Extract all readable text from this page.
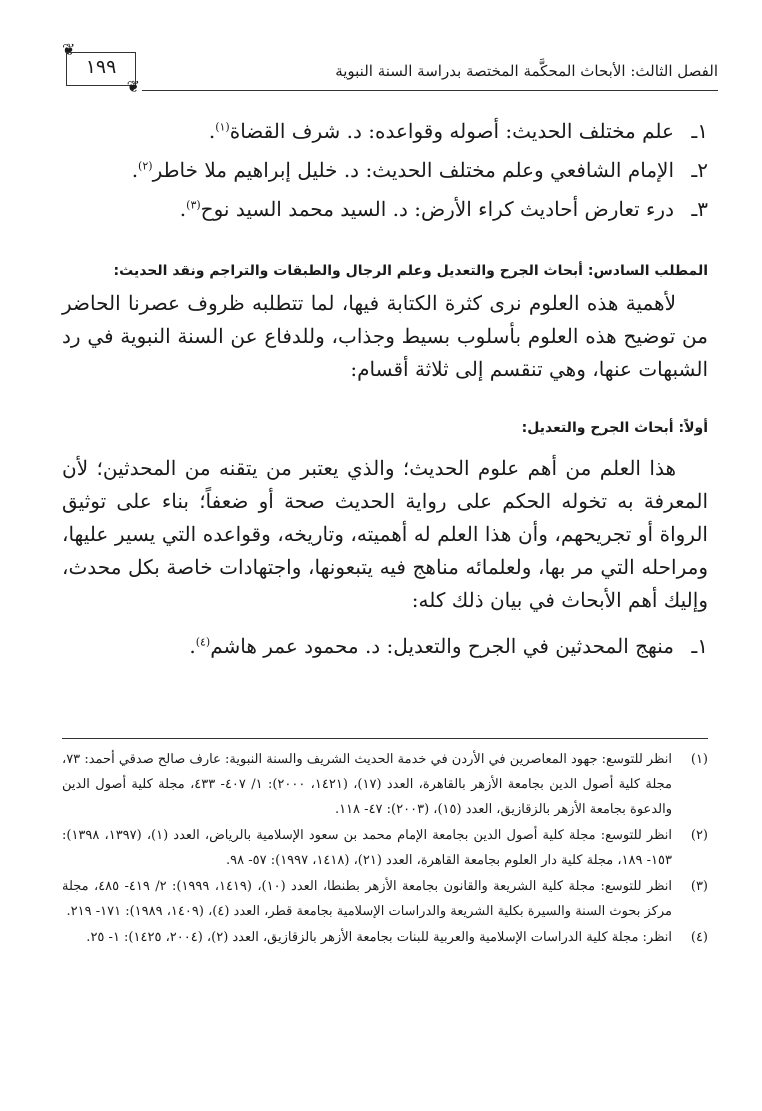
الفصل الثالث: الأبحاث المحكَّمة المختصة بدراسة السنة النبوية
❦
١٩٩
❦
١ـ
علم مختلف الحديث: أصوله وقواعده: د. شرف القضاة$^{(١)}$.
٢ـ
الإمام الشافعي وعلم مختلف الحديث: د. خليل إبراهيم ملا خاطر$^{(٢)}$.
٣ـ
درء تعارض أحاديث كراء الأرض: د. السيد محمد السيد نوح$^{(٣)}$.
المطلب السادس: أبحاث الجرح والتعديل وعلم الرجال والطبقات والتراجم ونقد الحديث:

لأهمية هذه العلوم نرى كثرة الكتابة فيها، لما تتطلبه ظروف عصرنا الحاضر من توضيح هذه العلوم بأسلوب بسيط وجذاب، وللدفاع عن السنة النبوية في رد الشبهات عنها، وهي تنقسم إلى ثلاثة أقسام:

أولاً: أبحاث الجرح والتعديل:

هذا العلم من أهم علوم الحديث؛ والذي يعتبر من يتقنه من المحدثين؛ لأن المعرفة به تخوله الحكم على رواية الحديث صحة أو ضعفاً؛ بناء على توثيق الرواة أو تجريحهم، وأن هذا العلم له أهميته، وتاريخه، وقواعده التي يسير عليها، ومراحله التي مر بها، ولعلمائه مناهج فيه يتبعونها، واجتهادات خاصة بكل محدث، وإليك أهم الأبحاث في بيان ذلك كله:

١ـ
منهج المحدثين في الجرح والتعديل: د. محمود عمر هاشم$^{(٤)}$.
(١)
انظر للتوسع: جهود المعاصرين في الأردن في خدمة الحديث الشريف والسنة النبوية: عارف صالح صدقي أحمد: ٧٣، مجلة كلية أصول الدين بجامعة الأزهر بالقاهرة، العدد (١٧)، (١٤٢١، ٢٠٠٠): ١/ ٤٠٧- ٤٣٣، مجلة كلية أصول الدين والدعوة بجامعة الأزهر بالزقازيق، العدد (١٥)، (٢٠٠٣): ٤٧- ١١٨.
(٢)
انظر للتوسع: مجلة كلية أصول الدين بجامعة الإمام محمد بن سعود الإسلامية بالرياض، العدد (١)، (١٣٩٧، ١٣٩٨): ١٥٣- ١٨٩، مجلة كلية دار العلوم بجامعة القاهرة، العدد (٢١)، (١٤١٨، ١٩٩٧): ٥٧- ٩٨.
(٣)
انظر للتوسع: مجلة كلية الشريعة والقانون بجامعة الأزهر بطنطا، العدد (١٠)، (١٤١٩، ١٩٩٩): ٢/ ٤١٩- ٤٨٥، مجلة مركز بحوث السنة والسيرة بكلية الشريعة والدراسات الإسلامية بجامعة قطر، العدد (٤)، (١٤٠٩، ١٩٨٩): ١٧١- ٢١٩.
(٤)
انظر: مجلة كلية الدراسات الإسلامية والعربية للبنات بجامعة الأزهر بالزقازيق، العدد (٢)، (٢٠٠٤، ١٤٢٥): ١- ٢٥.
